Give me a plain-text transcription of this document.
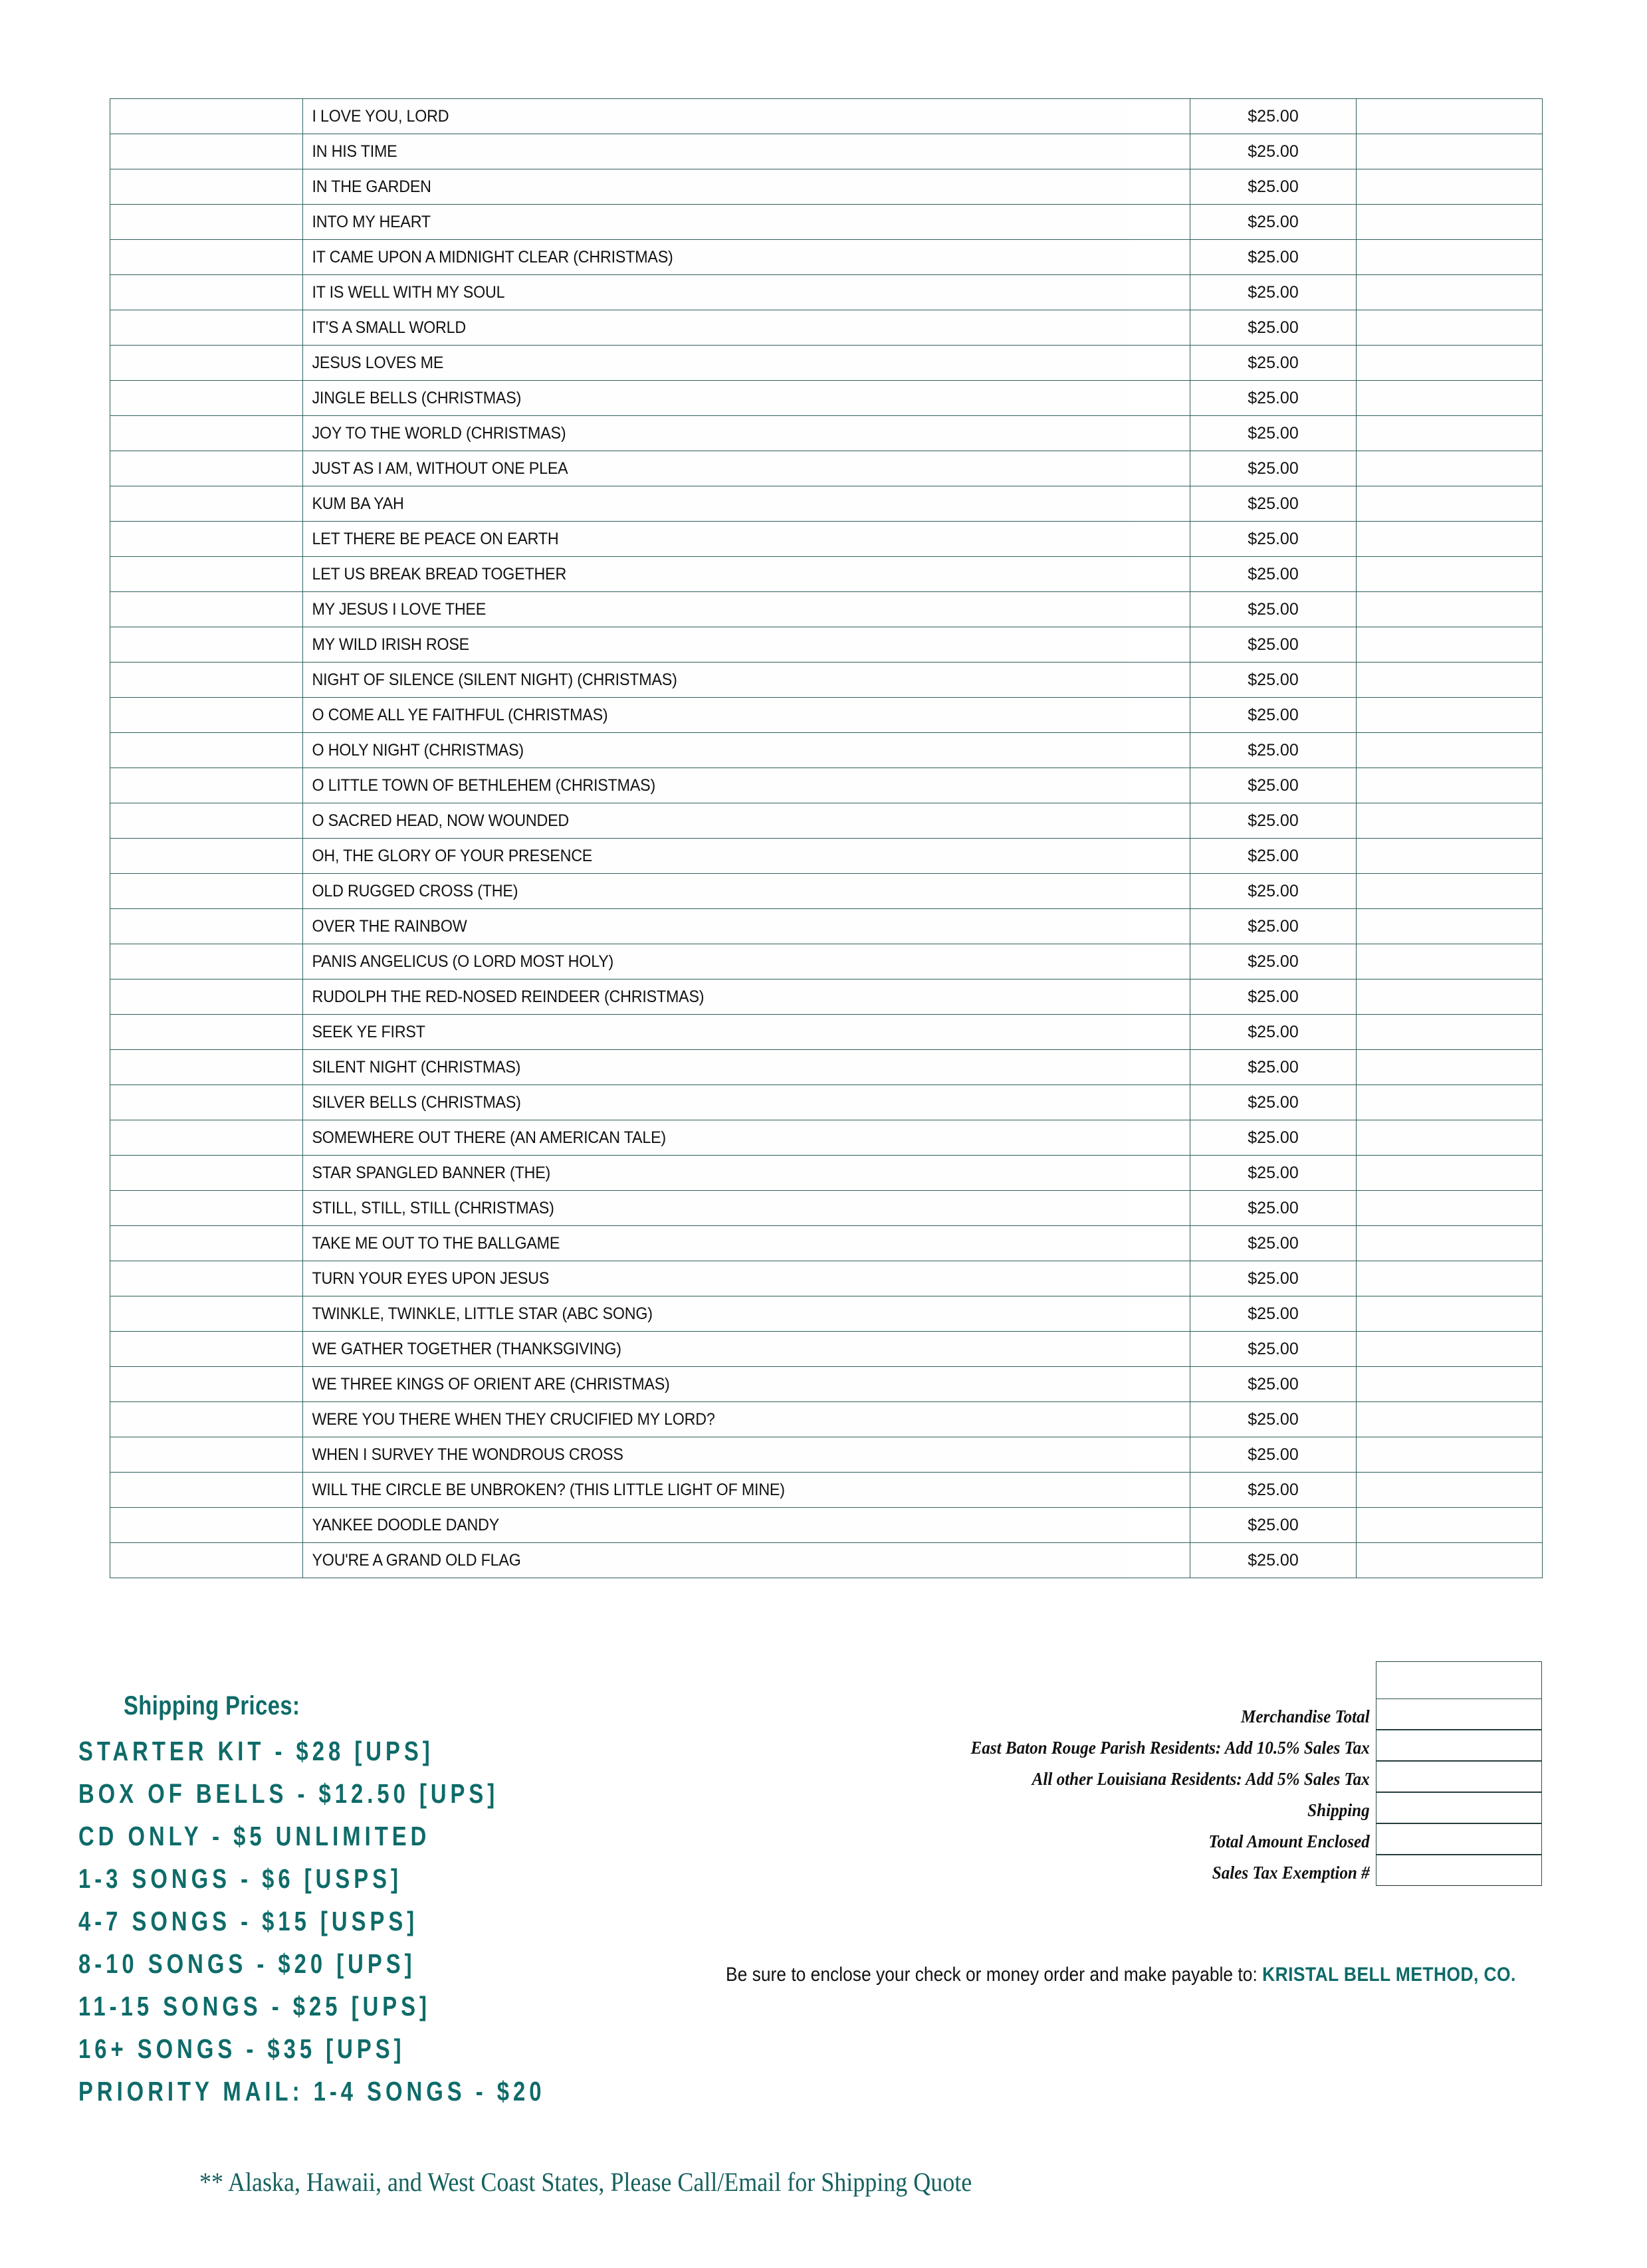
	I LOVE YOU, LORD	$25.00	
	IN HIS TIME	$25.00	
	IN THE GARDEN	$25.00	
	INTO MY HEART	$25.00	
	IT CAME UPON A MIDNIGHT CLEAR (CHRISTMAS)	$25.00	
	IT IS WELL WITH MY SOUL	$25.00	
	IT'S A SMALL WORLD	$25.00	
	JESUS LOVES ME	$25.00	
	JINGLE BELLS (CHRISTMAS)	$25.00	
	JOY TO THE WORLD (CHRISTMAS)	$25.00	
	JUST AS I AM, WITHOUT ONE PLEA	$25.00	
	KUM BA YAH	$25.00	
	LET THERE BE PEACE ON EARTH	$25.00	
	LET US BREAK BREAD TOGETHER	$25.00	
	MY JESUS I LOVE THEE	$25.00	
	MY WILD IRISH ROSE	$25.00	
	NIGHT OF SILENCE (SILENT NIGHT) (CHRISTMAS)	$25.00	
	O COME ALL YE FAITHFUL (CHRISTMAS)	$25.00	
	O HOLY NIGHT (CHRISTMAS)	$25.00	
	O LITTLE TOWN OF BETHLEHEM (CHRISTMAS)	$25.00	
	O SACRED HEAD, NOW WOUNDED	$25.00	
	OH, THE GLORY OF YOUR PRESENCE	$25.00	
	OLD RUGGED CROSS (THE)	$25.00	
	OVER THE RAINBOW	$25.00	
	PANIS ANGELICUS (O LORD MOST HOLY)	$25.00	
	RUDOLPH THE RED-NOSED REINDEER (CHRISTMAS)	$25.00	
	SEEK YE FIRST	$25.00	
	SILENT NIGHT (CHRISTMAS)	$25.00	
	SILVER BELLS (CHRISTMAS)	$25.00	
	SOMEWHERE OUT THERE (AN AMERICAN TALE)	$25.00	
	STAR SPANGLED BANNER (THE)	$25.00	
	STILL, STILL, STILL (CHRISTMAS)	$25.00	
	TAKE ME OUT TO THE BALLGAME	$25.00	
	TURN YOUR EYES UPON JESUS	$25.00	
	TWINKLE, TWINKLE, LITTLE STAR (ABC SONG)	$25.00	
	WE GATHER TOGETHER (THANKSGIVING)	$25.00	
	WE THREE KINGS OF ORIENT ARE (CHRISTMAS)	$25.00	
	WERE YOU THERE WHEN THEY CRUCIFIED MY LORD?	$25.00	
	WHEN I SURVEY THE WONDROUS CROSS	$25.00	
	WILL THE CIRCLE BE UNBROKEN? (THIS LITTLE LIGHT OF MINE)	$25.00	
	YANKEE DOODLE DANDY	$25.00	
	YOU'RE A GRAND OLD FLAG	$25.00	
Shipping Prices:
STARTER KIT - $28 [UPS]
BOX OF BELLS - $12.50 [UPS]
CD ONLY - $5 UNLIMITED
1-3 SONGS - $6 [USPS]
4-7 SONGS - $15 [USPS]
8-10 SONGS - $20 [UPS]
11-15 SONGS - $25 [UPS]
16+ SONGS - $35 [UPS]
PRIORITY MAIL: 1-4 SONGS - $20
** Alaska, Hawaii, and West Coast States, Please Call/Email for Shipping Quote
Merchandise Total
East Baton Rouge Parish Residents: Add 10.5% Sales Tax
All other Louisiana Residents: Add 5% Sales Tax
Shipping
Total Amount Enclosed
Sales Tax Exemption #
Be sure to enclose your check or money order and make payable to: KRISTAL BELL METHOD, CO.
